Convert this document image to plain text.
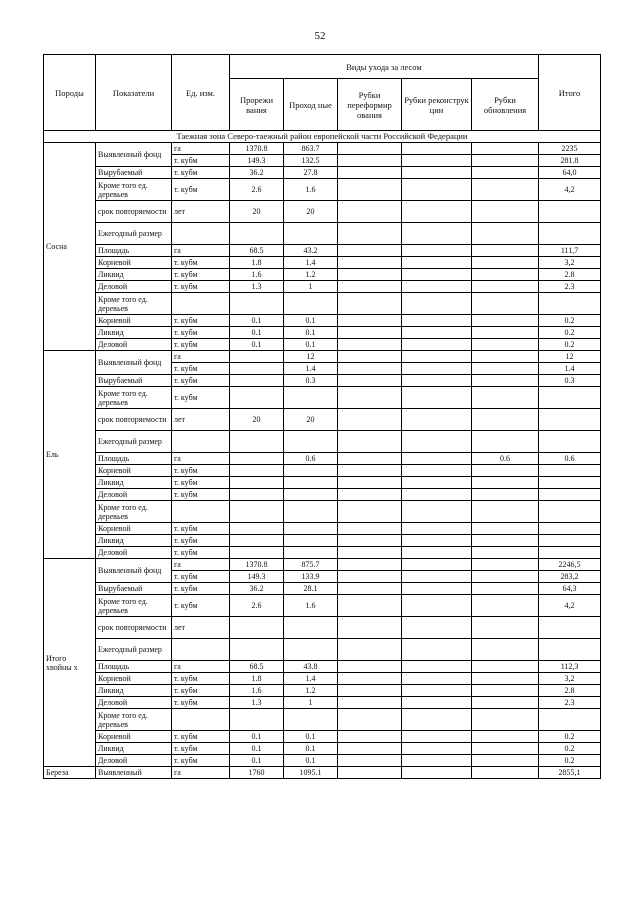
52
Породы	Показатели	Ед. изм.	Виды ухода за лесом					Итого
			Прорежи вания	Проход ные	Рубки переформир ования	Рубки реконструк ции	Рубки обновления	
Таежная зона Северо-таежный район европейской части Российской Федерации								
Сосна	Выявленный фонд	га	1370.8	863.7				2235
		т. кубм	149.3	132.5				281.8
	Вырубаемый	т. кубм	36.2	27.8				64,0
	Кроме того ед. деревьев	т. кубм	2.6	1.6				4,2
	срок повторяемости	лет	20	20				
	Ежегодный размер							
	Площадь	га	68.5	43.2				111,7
	Корневой	т. кубм	1.8	1.4				3,2
	Ликвид	т. кубм	1.6	1.2				2.8
	Деловой	т. кубм	1.3	1				2.3
	Кроме того ед. деревьев							
	Корневой	т. кубм	0.1	0.1				0.2
	Ликвид	т. кубм	0.1	0.1				0.2
	Деловой	т. кубм	0.1	0.1				0.2
Ель	Выявленный фонд	га		12				12
		т. кубм		1.4				1.4
	Вырубаемый	т. кубм		0.3				0.3
	Кроме того ед. деревьев	т. кубм						
	срок повторяемости	лет	20	20				
	Ежегодный размер							
	Площадь	га		0.6			0.6	0.6
	Корневой	т. кубм						
	Ликвид	т. кубм						
	Деловой	т. кубм						
	Кроме того ед. деревьев							
	Корневой	т. кубм						
	Ликвид	т. кубм						
	Деловой	т. кубм						
Итого хвойны х	Выявленный фонд	га	1370.8	875.7				2246,5
		т. кубм	149.3	133.9				283,2
	Вырубаемый	т. кубм	36.2	28.1				64,3
	Кроме того ед. деревьев	т. кубм	2.6	1.6				4,2
	срок повторяемости	лет						
	Ежегодный размер							
	Площадь	га	68.5	43.8				112,3
	Корневой	т. кубм	1.8	1.4				3,2
	Ликвид	т. кубм	1.6	1.2				2.8
	Деловой	т. кубм	1.3	1				2.3
	Кроме того ед. деревьев							
	Корневой	т. кубм	0.1	0.1				0.2
	Ликвид	т. кубм	0.1	0.1				0.2
	Деловой	т. кубм	0.1	0.1				0.2
Береза	Выявленный	га	1760	1095.1				2855,1
